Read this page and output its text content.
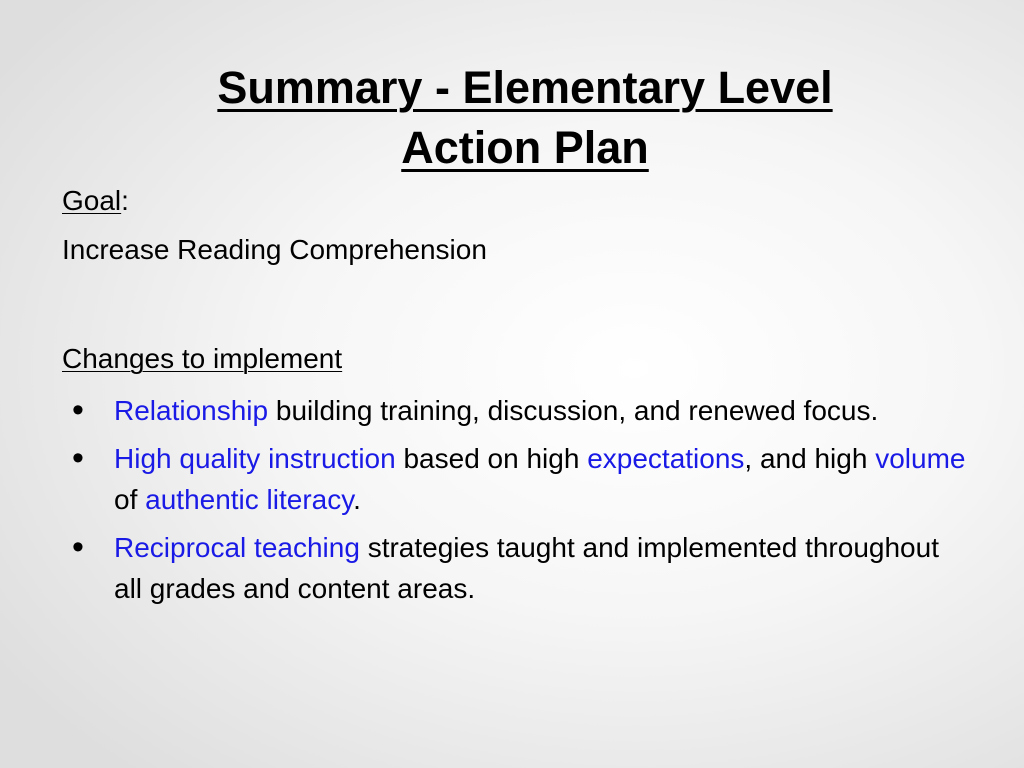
Summary - Elementary Level
Action Plan

Goal:

Increase Reading Comprehension

Changes to implement

• Relationship building training, discussion, and renewed focus.
• High quality instruction based on high expectations, and high volume of authentic literacy.
• Reciprocal teaching strategies taught and implemented throughout all grades and content areas.
